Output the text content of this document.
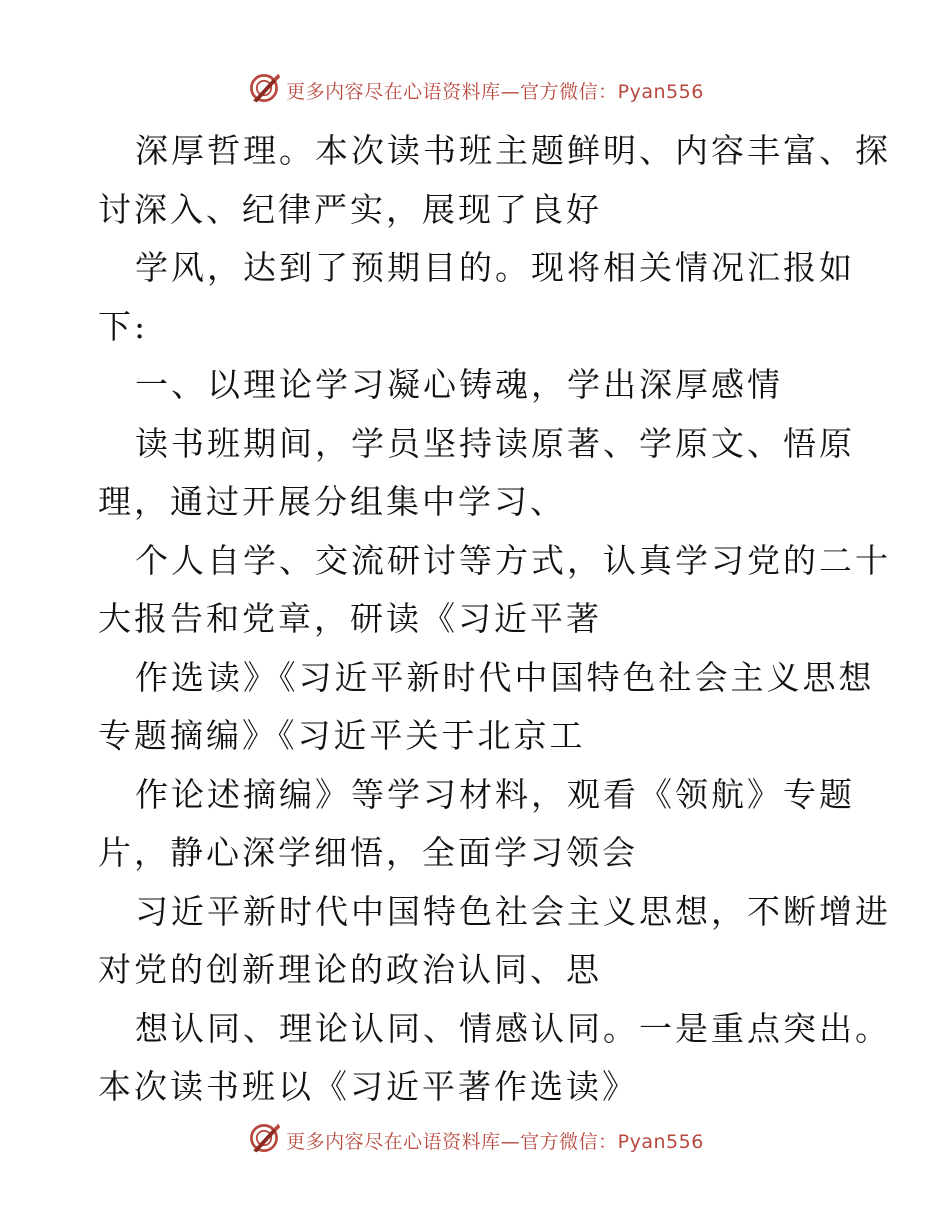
更多内容尽在心语资料库—官方微信：Pyan556
深厚哲理。本次读书班主题鲜明、内容丰富、探
讨深入、纪律严实，展现了良好
学风，达到了预期目的。现将相关情况汇报如
下:
一、以理论学习凝心铸魂，学出深厚感情
读书班期间，学员坚持读原著、学原文、悟原
理，通过开展分组集中学习、
个人自学、交流研讨等方式，认真学习党的二十
大报告和党章，研读《习近平著
作选读》《习近平新时代中国特色社会主义思想
专题摘编》《习近平关于北京工
作论述摘编》等学习材料，观看《领航》专题
片，静心深学细悟，全面学习领会
习近平新时代中国特色社会主义思想，不断增进
对党的创新理论的政治认同、思
想认同、理论认同、情感认同。一是重点突出。
本次读书班以《习近平著作选读》
更多内容尽在心语资料库—官方微信：Pyan556
